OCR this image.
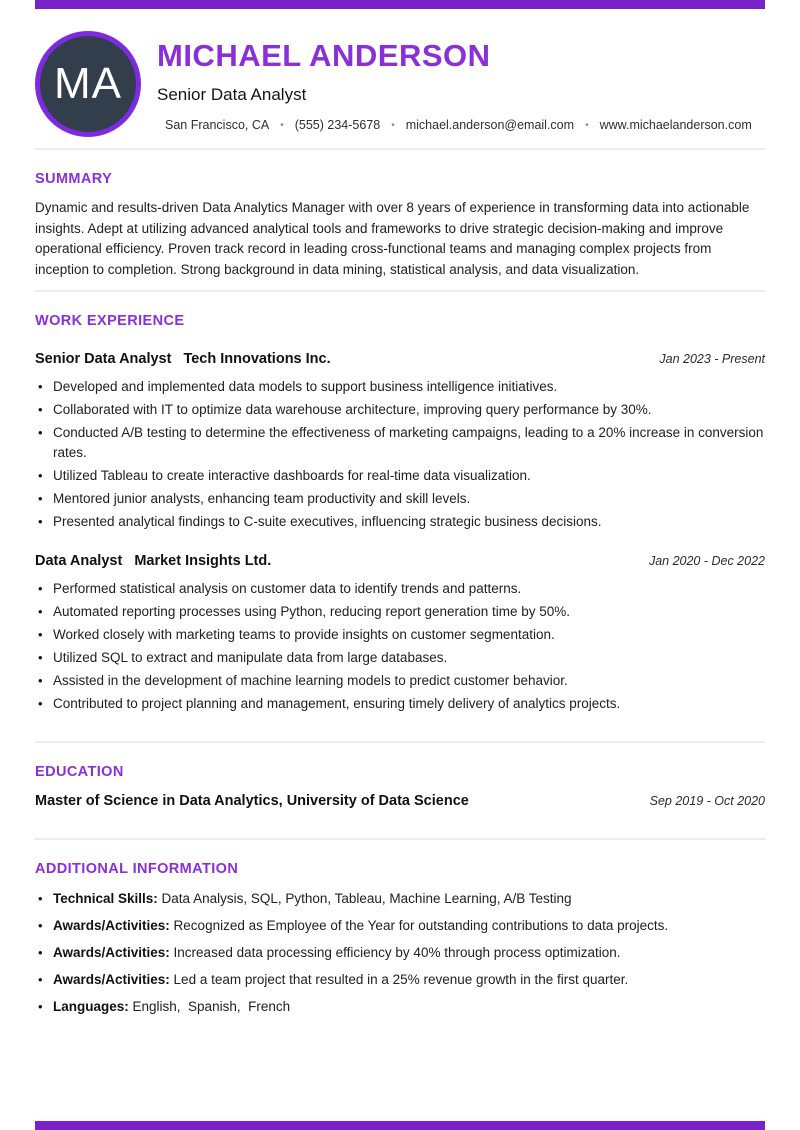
MA
MICHAEL ANDERSON
Senior Data Analyst
San Francisco, CA • (555) 234-5678 • michael.anderson@email.com • www.michaelanderson.com
SUMMARY

Dynamic and results-driven Data Analytics Manager with over 8 years of experience in transforming data into actionable insights. Adept at utilizing advanced analytical tools and frameworks to drive strategic decision-making and improve operational efficiency. Proven track record in leading cross-functional teams and managing complex projects from inception to completion. Strong background in data mining, statistical analysis, and data visualization.

WORK EXPERIENCE
Senior Data Analyst Tech Innovations Inc.	Jan 2023 - Present
• Developed and implemented data models to support business intelligence initiatives.
• Collaborated with IT to optimize data warehouse architecture, improving query performance by 30%.
• Conducted A/B testing to determine the effectiveness of marketing campaigns, leading to a 20% increase in conversion rates.
• Utilized Tableau to create interactive dashboards for real-time data visualization.
• Mentored junior analysts, enhancing team productivity and skill levels.
• Presented analytical findings to C-suite executives, influencing strategic business decisions.
Data Analyst Market Insights Ltd.	Jan 2020 - Dec 2022
• Performed statistical analysis on customer data to identify trends and patterns.
• Automated reporting processes using Python, reducing report generation time by 50%.
• Worked closely with marketing teams to provide insights on customer segmentation.
• Utilized SQL to extract and manipulate data from large databases.
• Assisted in the development of machine learning models to predict customer behavior.
• Contributed to project planning and management, ensuring timely delivery of analytics projects.
EDUCATION
Master of Science in Data Analytics, University of Data Science	Sep 2019 - Oct 2020
ADDITIONAL INFORMATION
• Technical Skills: Data Analysis, SQL, Python, Tableau, Machine Learning, A/B Testing
• Awards/Activities: Recognized as Employee of the Year for outstanding contributions to data projects.
• Awards/Activities: Increased data processing efficiency by 40% through process optimization.
• Awards/Activities: Led a team project that resulted in a 25% revenue growth in the first quarter.
• Languages: English,  Spanish,  French
